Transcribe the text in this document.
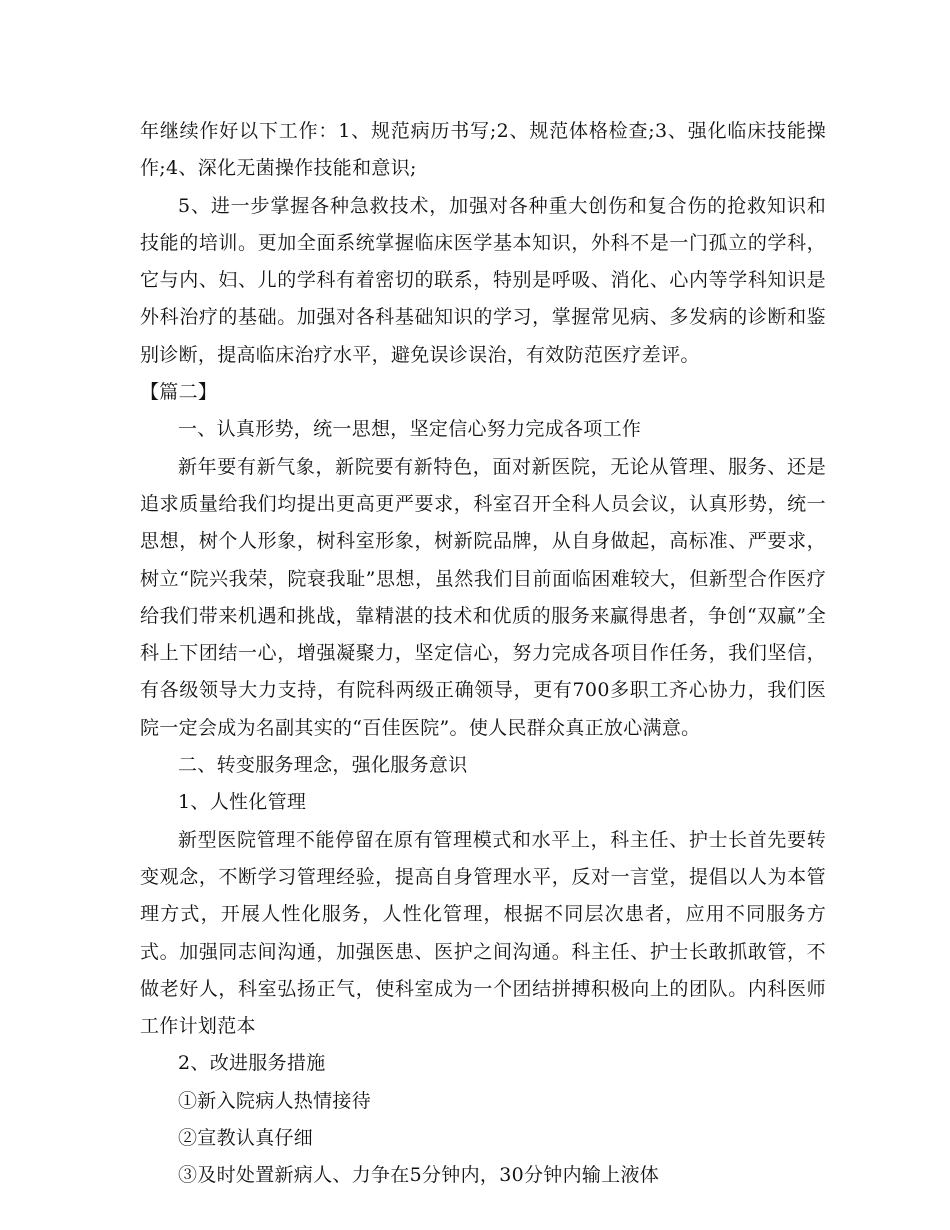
年继续作好以下工作：1、规范病历书写;2、规范体格检查;3、强化临床技能操作;4、深化无菌操作技能和意识;

5、进一步掌握各种急救技术，加强对各种重大创伤和复合伤的抢救知识和技能的培训。更加全面系统掌握临床医学基本知识，外科不是一门孤立的学科，它与内、妇、儿的学科有着密切的联系，特别是呼吸、消化、心内等学科知识是外科治疗的基础。加强对各科基础知识的学习，掌握常见病、多发病的诊断和鉴别诊断，提高临床治疗水平，避免误诊误治，有效防范医疗差评。

【篇二】

一、认真形势，统一思想，坚定信心努力完成各项工作

新年要有新气象，新院要有新特色，面对新医院，无论从管理、服务、还是追求质量给我们均提出更高更严要求，科室召开全科人员会议，认真形势，统一思想，树个人形象，树科室形象，树新院品牌，从自身做起，高标准、严要求，树立“院兴我荣，院衰我耻”思想，虽然我们目前面临困难较大，但新型合作医疗给我们带来机遇和挑战，靠精湛的技术和优质的服务来赢得患者，争创“双赢”全科上下团结一心，增强凝聚力，坚定信心，努力完成各项目作任务，我们坚信，有各级领导大力支持，有院科两级正确领导，更有700多职工齐心协力，我们医院一定会成为名副其实的“百佳医院”。使人民群众真正放心满意。

二、转变服务理念，强化服务意识

1、人性化管理

新型医院管理不能停留在原有管理模式和水平上，科主任、护士长首先要转变观念，不断学习管理经验，提高自身管理水平，反对一言堂，提倡以人为本管理方式，开展人性化服务，人性化管理，根据不同层次患者，应用不同服务方式。加强同志间沟通，加强医患、医护之间沟通。科主任、护士长敢抓敢管，不做老好人，科室弘扬正气，使科室成为一个团结拼搏积极向上的团队。内科医师工作计划范本

2、改进服务措施

①新入院病人热情接待

②宣教认真仔细

③及时处置新病人、力争在5分钟内，30分钟内输上液体
